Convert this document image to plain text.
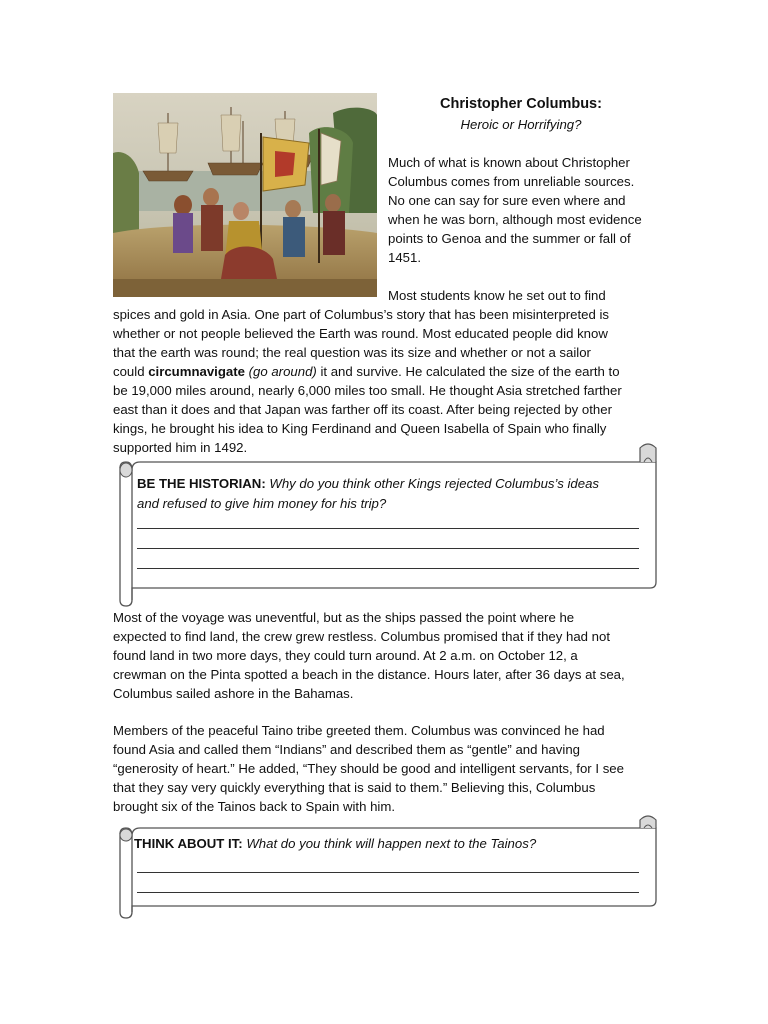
Christopher Columbus:
Heroic or Horrifying?
Much of what is known about Christopher
Columbus comes from unreliable sources.
No one can say for sure even where and
when he was born, although most evidence
points to Genoa and the summer or fall of
1451.
Most students know he set out to find
spices and gold in Asia. One part of Columbus’s story that has been misinterpreted is
whether or not people believed the Earth was round. Most educated people did know
that the earth was round; the real question was its size and whether or not a sailor
could circumnavigate (go around) it and survive. He calculated the size of the earth to
be 19,000 miles around, nearly 6,000 miles too small. He thought Asia stretched farther
east than it does and that Japan was farther off its coast. After being rejected by other
kings, he brought his idea to King Ferdinand and Queen Isabella of Spain who finally
supported him in 1492.
BE THE HISTORIAN: Why do you think other Kings rejected Columbus’s ideas
and refused to give him money for his trip?
Most of the voyage was uneventful, but as the ships passed the point where he
expected to find land, the crew grew restless. Columbus promised that if they had not
found land in two more days, they could turn around. At 2 a.m. on October 12, a
crewman on the Pinta spotted a beach in the distance. Hours later, after 36 days at sea,
Columbus sailed ashore in the Bahamas.
Members of the peaceful Taino tribe greeted them. Columbus was convinced he had
found Asia and called them “Indians” and described them as “gentle” and having
“generosity of heart.” He added, “They should be good and intelligent servants, for I see
that they say very quickly everything that is said to them.” Believing this, Columbus
brought six of the Tainos back to Spain with him.
THINK ABOUT IT: What do you think will happen next to the Tainos?
